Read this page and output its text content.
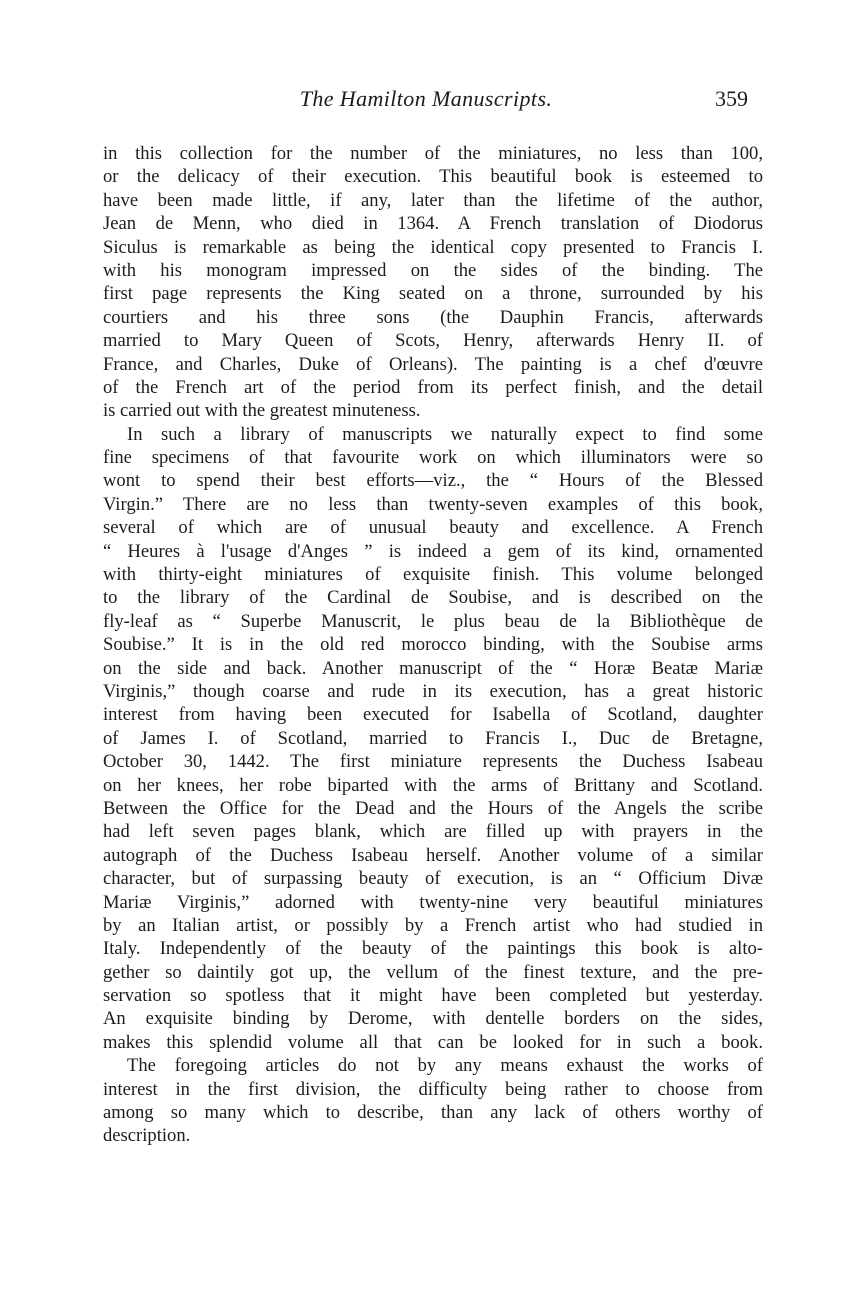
The Hamilton Manuscripts.	359
in this collection for the number of the miniatures, no less than 100,
or the delicacy of their execution. This beautiful book is esteemed to
have been made little, if any, later than the lifetime of the author,
Jean de Menn, who died in 1364. A French translation of Diodorus
Siculus is remarkable as being the identical copy presented to Francis I.
with his monogram impressed on the sides of the binding. The
first page represents the King seated on a throne, surrounded by his
courtiers and his three sons (the Dauphin Francis, afterwards
married to Mary Queen of Scots, Henry, afterwards Henry II. of
France, and Charles, Duke of Orleans). The painting is a chef d'œuvre
of the French art of the period from its perfect finish, and the detail
is carried out with the greatest minuteness.
In such a library of manuscripts we naturally expect to find some
fine specimens of that favourite work on which illuminators were so
wont to spend their best efforts—viz., the “ Hours of the Blessed
Virgin.” There are no less than twenty-seven examples of this book,
several of which are of unusual beauty and excellence. A French
“ Heures à l'usage d'Anges ” is indeed a gem of its kind, ornamented
with thirty-eight miniatures of exquisite finish. This volume belonged
to the library of the Cardinal de Soubise, and is described on the
fly-leaf as “ Superbe Manuscrit, le plus beau de la Bibliothèque de
Soubise.” It is in the old red morocco binding, with the Soubise arms
on the side and back. Another manuscript of the “ Horæ Beatæ Mariæ
Virginis,” though coarse and rude in its execution, has a great historic
interest from having been executed for Isabella of Scotland, daughter
of James I. of Scotland, married to Francis I., Duc de Bretagne,
October 30, 1442. The first miniature represents the Duchess Isabeau
on her knees, her robe biparted with the arms of Brittany and Scotland.
Between the Office for the Dead and the Hours of the Angels the scribe
had left seven pages blank, which are filled up with prayers in the
autograph of the Duchess Isabeau herself. Another volume of a similar
character, but of surpassing beauty of execution, is an “ Officium Divæ
Mariæ Virginis,” adorned with twenty-nine very beautiful miniatures
by an Italian artist, or possibly by a French artist who had studied in
Italy. Independently of the beauty of the paintings this book is alto-
gether so daintily got up, the vellum of the finest texture, and the pre-
servation so spotless that it might have been completed but yesterday.
An exquisite binding by Derome, with dentelle borders on the sides,
makes this splendid volume all that can be looked for in such a book.
The foregoing articles do not by any means exhaust the works of
interest in the first division, the difficulty being rather to choose from
among so many which to describe, than any lack of others worthy of
description.
